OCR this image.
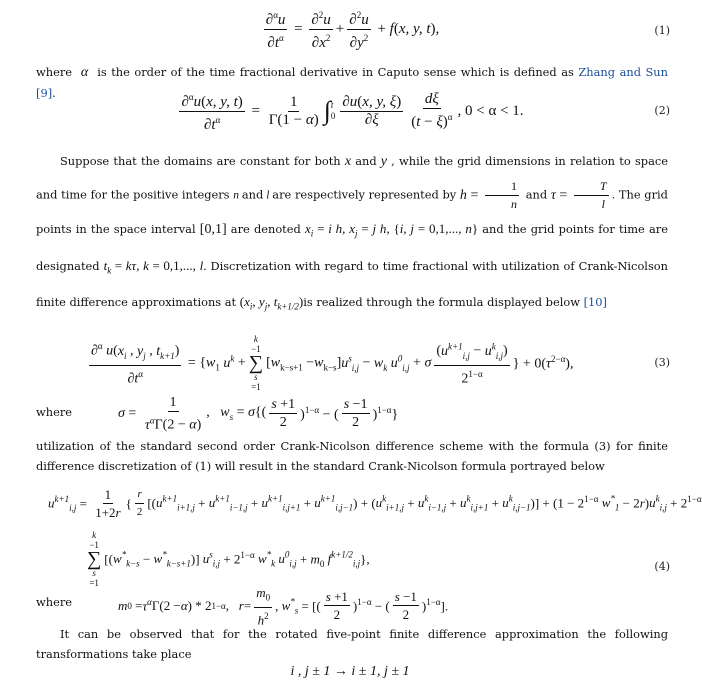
$\frac{\partial^\alpha u}{\partial t^\alpha} = \frac{\partial^2u}{\partial x^2} + \frac{\partial^2u}{\partial y^2} + f(x$, y, t),	(1)
where  α  is the order of the time fractional derivative in Caputo sense which is defined as Zhang and Sun [9].	$\frac{\partial^\alpha u(x, y, t)}{\partial t^\alpha} = \frac{1}{\Gamma(1 - \alpha)}$ ∫ t
$0 \frac{\partial u(x, y, \xi)}{\partial\xi} \frac{d\xi}{(t - \xi)^\alpha}$ , 0 < α < 1.	(2)
Suppose that the domains are constant for both x and y , while the grid dimensions in relation to space and time for the positive integers n and l are respectively represented by $h = \frac{1}{n}$ and $\tau = \frac{T}{l}$ . The grid points in the space interval [0,1] are denoted $x_i = i$ h, $x_j = j$ h, {i, j = 0,1,..., n} and the grid points for time are designated $t_k = k\tau$, k = 0,1,..., l. Discretization with regard to time fractional with utilization of Crank-Nicolson finite difference approximations at ($x_i$, $y_j$, $t_{k+1/2})is$ realized through the formula displayed below [10]
$\frac{\partial^\alpha u(x_i , y_j , t_{k+1})}{\partial t^\alpha} = \{w_1$ $u^k$ +
k
−1
∑
s
=1
$[w_{k-s+1} -w_{k-s}]u^s_{i,j} - w_k$ $u^0_{i,j} + \sigma \frac{(u^{k+1}_{i,j} - u^k_{i,j})}{2^{1-\alpha}}$ } + $0(\tau^{2-\alpha})$,	(3)
where	$\sigma = \frac{1}{\tau^\alpha\Gamma(2 - \alpha)}$ ,   $w_s = \sigma\{( \frac{s +1}{2} )^{1-\alpha}$ − ( $\frac{s -1}{2} )^{1-\alpha}$}
utilization of the standard second order Crank-Nicolson difference scheme with the formula (3) for finite difference discretization of (1) will result in the standard Crank-Nicolson formula portrayed below
$u^{k+1}_{i,j} = \frac{1}{1+2r}$ { $\frac{r}{2} [(u^{k+1}_{i+1,j} + u^{k+1}_{i-1,j} + u^{k+1}_{i,j+1} + u^{k+1}_{i,j-1}) + (u^k_{i+1,j} + u^k_{i-1,j} + u^k_{i,j+1} + u^k_{i,j-1})] + (1 - 2^{1-\alpha}$ $w^*_1 - 2r)u^k_{i,j} + 2^{1-\alpha}$
k
−1
∑
s
=1
$[(w^*_{k-s} - w^*_{k-s+1})] u^s_{i,j} + 2^{1-\alpha}$ $w^*_k$ $u^0_{i,j} + m_0$ $f^{k+1/2}_{i,j}$},
(4)
where	m $0 = \tau^\alpha$ Γ(2 − α ) * 2 1−α , $r = \frac{m_0}{h^2}$ , $w^*_s$ = [( $\frac{s +1}{2} )^{1-\alpha}$ − ( $\frac{s -1}{2} )^{1-\alpha}$].
It can be observed that for the rotated five-point finite difference approximation the following transformations take place
i , j ± 1 → i ± 1, j ± 1
